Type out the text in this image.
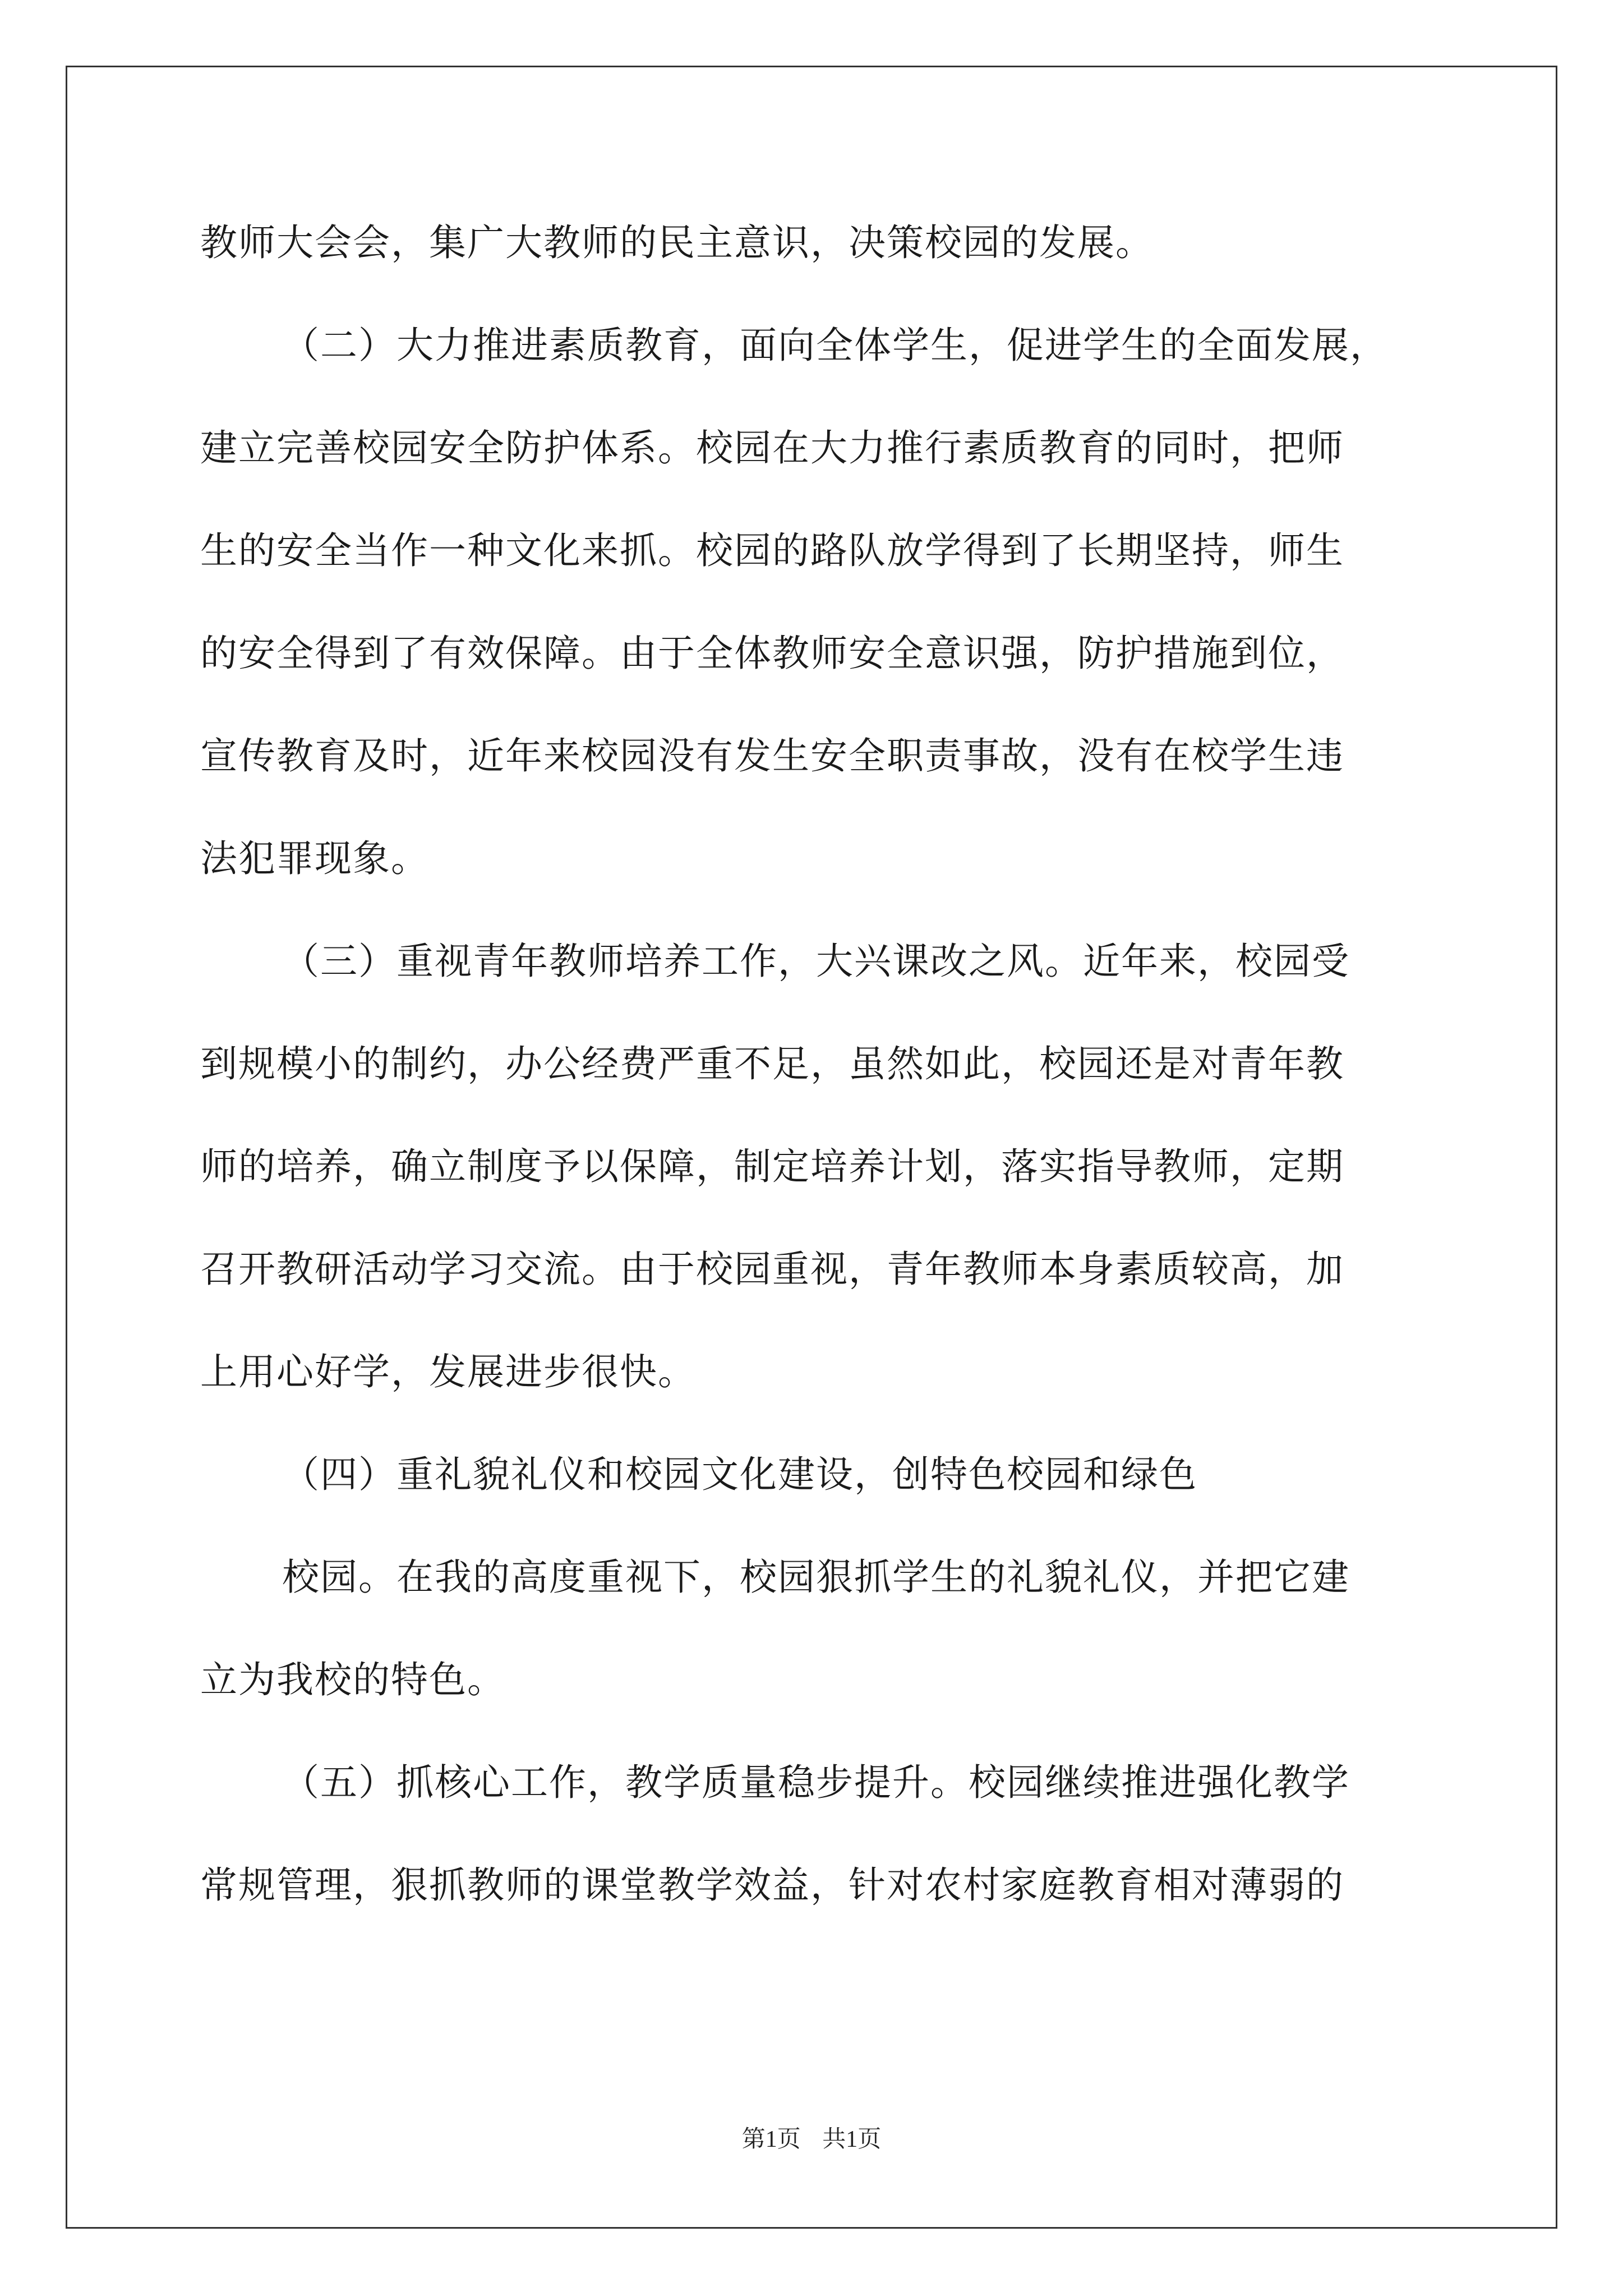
教师大会会，集广大教师的民主意识，决策校园的发展。
（二）大力推进素质教育，面向全体学生，促进学生的全面发展，
建立完善校园安全防护体系。校园在大力推行素质教育的同时，把师
生的安全当作一种文化来抓。校园的路队放学得到了长期坚持，师生
的安全得到了有效保障。由于全体教师安全意识强，防护措施到位，
宣传教育及时，近年来校园没有发生安全职责事故，没有在校学生违
法犯罪现象。
（三）重视青年教师培养工作，大兴课改之风。近年来，校园受
到规模小的制约，办公经费严重不足，虽然如此，校园还是对青年教
师的培养，确立制度予以保障，制定培养计划，落实指导教师，定期
召开教研活动学习交流。由于校园重视，青年教师本身素质较高，加
上用心好学，发展进步很快。
（四）重礼貌礼仪和校园文化建设，创特色校园和绿色
校园。在我的高度重视下，校园狠抓学生的礼貌礼仪，并把它建
立为我校的特色。
（五）抓核心工作，教学质量稳步提升。校园继续推进强化教学
常规管理，狠抓教师的课堂教学效益，针对农村家庭教育相对薄弱的
第1页 共1页
